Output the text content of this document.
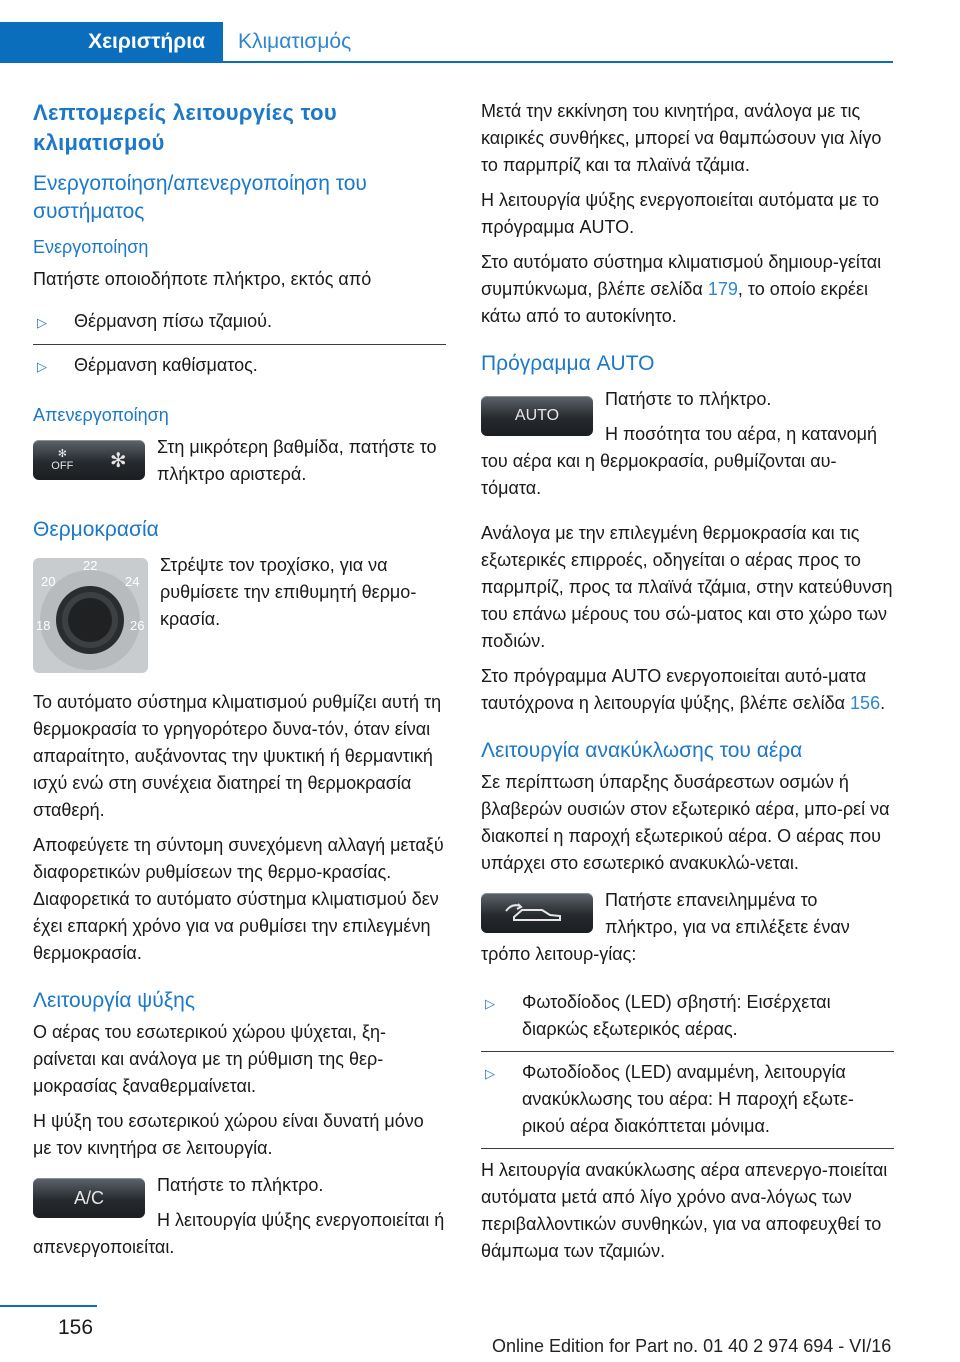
Χειριστήρια	Κλιματισμός
Λεπτομερείς λειτουργίες του κλιματισμού
Ενεργοποίηση/απενεργοποίηση του συστήματος
Ενεργοποίηση

Πατήστε οποιοδήποτε πλήκτρο, εκτός από

▷	Θέρμανση πίσω τζαμιού.
▷	Θέρμανση καθίσματος.
Απενεργοποίηση
✻
OFF ✻

Στη μικρότερη βαθμίδα, πατήστε το πλήκτρο αριστερά.

Θερμοκρασία
22
20	24
18	26

Στρέψτε τον τροχίσκο, για να ρυθμίσετε την επιθυμητή θερμο-κρασία.

Το αυτόματο σύστημα κλιματισμού ρυθμίζει αυτή τη θερμοκρασία το γρηγορότερο δυνα-τόν, όταν είναι απαραίτητο, αυξάνοντας την ψυκτική ή θερμαντική ισχύ ενώ στη συνέχεια διατηρεί τη θερμοκρασία σταθερή.

Αποφεύγετε τη σύντομη συνεχόμενη αλλαγή μεταξύ διαφορετικών ρυθμίσεων της θερμο-κρασίας. Διαφορετικά το αυτόματο σύστημα κλιματισμού δεν έχει επαρκή χρόνο για να ρυθμίσει την επιλεγμένη θερμοκρασία.

Λειτουργία ψύξης

Ο αέρας του εσωτερικού χώρου ψύχεται, ξη-ραίνεται και ανάλογα με τη ρύθμιση της θερ-μοκρασίας ξαναθερμαίνεται.

Η ψύξη του εσωτερικού χώρου είναι δυνατή μόνο με τον κινητήρα σε λειτουργία.

A/C

Πατήστε το πλήκτρο.

Η λειτουργία ψύξης ενεργοποιείται ή απενεργοποιείται.

Μετά την εκκίνηση του κινητήρα, ανάλογα με τις καιρικές συνθήκες, μπορεί να θαμπώσουν για λίγο το παρμπρίζ και τα πλαϊνά τζάμια.

Η λειτουργία ψύξης ενεργοποιείται αυτόματα με το πρόγραμμα AUTO.

Στο αυτόματο σύστημα κλιματισμού δημιουρ-γείται συμπύκνωμα, βλέπε σελίδα 179, το οποίο εκρέει κάτω από το αυτοκίνητο.

Πρόγραμμα AUTO
AUTO

Πατήστε το πλήκτρο.

Η ποσότητα του αέρα, η κατανομή του αέρα και η θερμοκρασία, ρυθμίζονται αυ-τόματα.

Ανάλογα με την επιλεγμένη θερμοκρασία και τις εξωτερικές επιρροές, οδηγείται ο αέρας προς το παρμπρίζ, προς τα πλαϊνά τζάμια, στην κατεύθυνση του επάνω μέρους του σώ-ματος και στο χώρο των ποδιών.

Στο πρόγραμμα AUTO ενεργοποιείται αυτό-ματα ταυτόχρονα η λειτουργία ψύξης, βλέπε σελίδα 156.

Λειτουργία ανακύκλωσης του αέρα

Σε περίπτωση ύπαρξης δυσάρεστων οσμών ή βλαβερών ουσιών στον εξωτερικό αέρα, μπο-ρεί να διακοπεί η παροχή εξωτερικού αέρα. Ο αέρας που υπάρχει στο εσωτερικό ανακυκλώ-νεται.

Πατήστε επανειλημμένα το πλήκτρο, για να επιλέξετε έναν τρόπο λειτουρ-γίας:

▷	Φωτοδίοδος (LED) σβηστή: Εισέρχεται διαρκώς εξωτερικός αέρας.
▷	Φωτοδίοδος (LED) αναμμένη, λειτουργία ανακύκλωσης του αέρα: Η παροχή εξωτε-ρικού αέρα διακόπτεται μόνιμα.

Η λειτουργία ανακύκλωσης αέρα απενεργο-ποιείται αυτόματα μετά από λίγο χρόνο ανα-λόγως των περιβαλλοντικών συνθηκών, για να αποφευχθεί το θάμπωμα των τζαμιών.

156
Online Edition for Part no. 01 40 2 974 694 - VI/16
